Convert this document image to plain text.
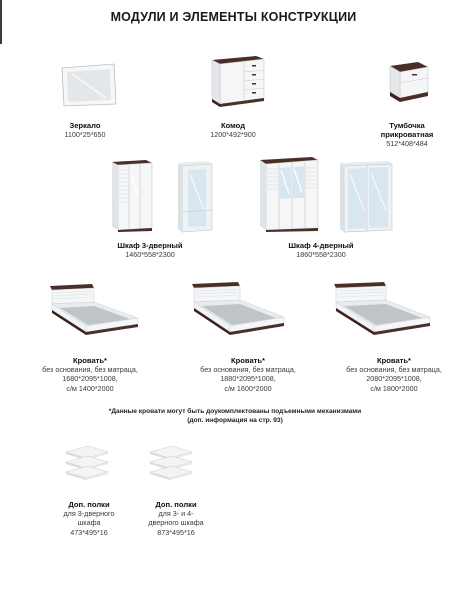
МОДУЛИ И ЭЛЕМЕНТЫ КОНСТРУКЦИИ
Зеркало
1100*25*650
Комод
1200*492*900
Тумбочка
прикроватная
512*408*484
Шкаф 3-дверный
1460*558*2300
Шкаф 4-дверный
1860*558*2300
Кровать*
без основания, без матраца,
1680*2095*1008,
с/м 1400*2000
Кровать*
без основания, без матраца,
1880*2095*1008,
с/м 1600*2000
Кровать*
без основания, без матраца,
2080*2095*1008,
с/м 1800*2000
*Данные кровати могут быть доукомплектованы подъемными механизмами
(доп. информация на стр. 93)
Доп. полки
для 3-дверного
шкафа
473*495*16
Доп. полки
для 3- и 4-
дверного шкафа
873*495*16
